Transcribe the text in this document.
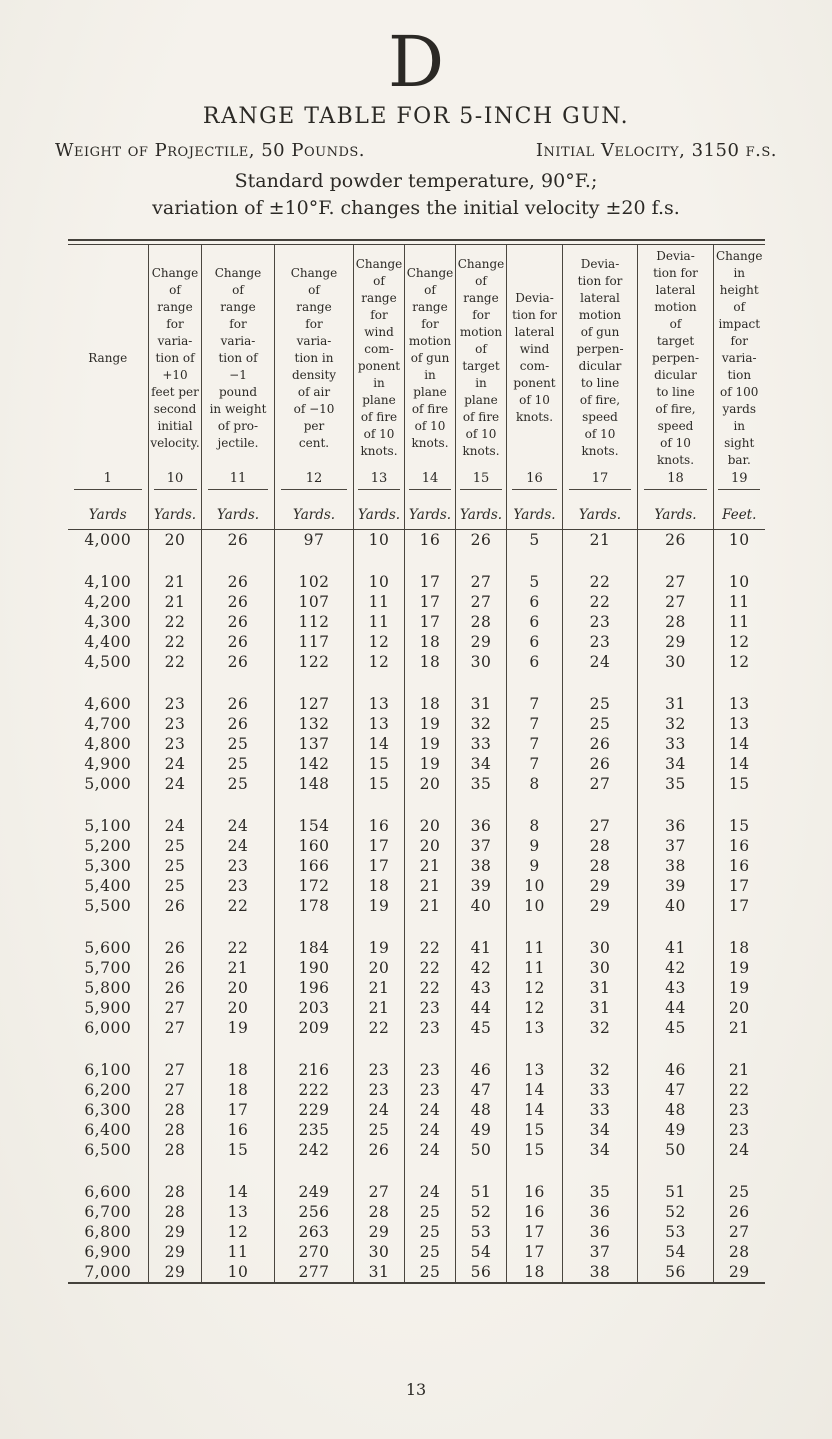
D
RANGE TABLE FOR 5-INCH GUN.
Weight of Projectile, 50 Pounds.	Initial Velocity, 3150 f.s.
Standard powder temperature, 90°F.;
variation of ±10°F. changes the initial velocity ±20 f.s.
Range	Change
of
range
for
varia-
tion of
+10
feet per
second
initial
velocity.	Change
of
range
for
varia-
tion of
−1
pound
in weight
of pro-
jectile.	Change
of
range
for
varia-
tion in
density
of air
of −10
per
cent.	Change
of
range
for
wind
com-
ponent
in plane
of fire
of 10
knots.	Change
of
range
for
motion
of gun
in plane
of fire
of 10
knots.	Change
of
range
for
motion
of target
in plane
of fire
of 10
knots.	Devia-
tion for
lateral
wind
com-
ponent
of 10
knots.	Devia-
tion for
lateral
motion
of gun
perpen-
dicular
to line
of fire,
speed
of 10
knots.	Devia-
tion for
lateral
motion
of
target
perpen-
dicular
to line
of fire,
speed
of 10
knots.	Change
in
height
of
impact
for
varia-
tion
of 100
yards
in
sight
bar.

1	10	11	12	13	14	15	16	17	18	19

Yards	Yards.	Yards.	Yards.	Yards.	Yards.	Yards.	Yards.	Yards.	Yards.	Feet.
4,000	20	26	97	10	16	26	5	21	26	10

4,100	21	26	102	10	17	27	5	22	27	10
4,200	21	26	107	11	17	27	6	22	27	11
4,300	22	26	112	11	17	28	6	23	28	11
4,400	22	26	117	12	18	29	6	23	29	12
4,500	22	26	122	12	18	30	6	24	30	12

4,600	23	26	127	13	18	31	7	25	31	13
4,700	23	26	132	13	19	32	7	25	32	13
4,800	23	25	137	14	19	33	7	26	33	14
4,900	24	25	142	15	19	34	7	26	34	14
5,000	24	25	148	15	20	35	8	27	35	15

5,100	24	24	154	16	20	36	8	27	36	15
5,200	25	24	160	17	20	37	9	28	37	16
5,300	25	23	166	17	21	38	9	28	38	16
5,400	25	23	172	18	21	39	10	29	39	17
5,500	26	22	178	19	21	40	10	29	40	17

5,600	26	22	184	19	22	41	11	30	41	18
5,700	26	21	190	20	22	42	11	30	42	19
5,800	26	20	196	21	22	43	12	31	43	19
5,900	27	20	203	21	23	44	12	31	44	20
6,000	27	19	209	22	23	45	13	32	45	21

6,100	27	18	216	23	23	46	13	32	46	21
6,200	27	18	222	23	23	47	14	33	47	22
6,300	28	17	229	24	24	48	14	33	48	23
6,400	28	16	235	25	24	49	15	34	49	23
6,500	28	15	242	26	24	50	15	34	50	24

6,600	28	14	249	27	24	51	16	35	51	25
6,700	28	13	256	28	25	52	16	36	52	26
6,800	29	12	263	29	25	53	17	36	53	27
6,900	29	11	270	30	25	54	17	37	54	28
7,000	29	10	277	31	25	56	18	38	56	29
13
